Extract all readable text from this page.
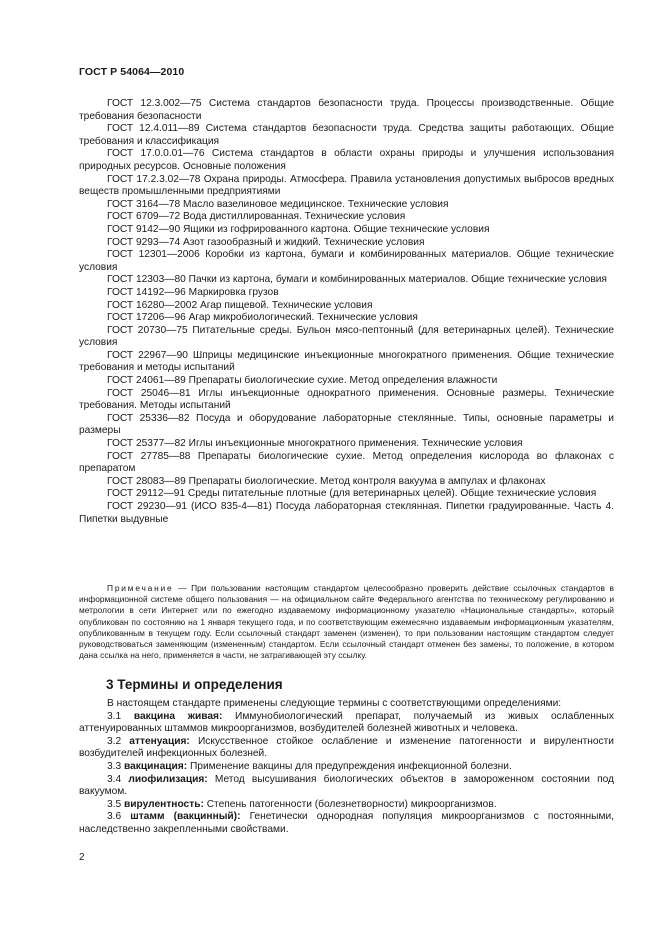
ГОСТ Р 54064—2010

ГОСТ 12.3.002—75 Система стандартов безопасности труда. Процессы производственные. Общие требования безопасности

ГОСТ 12.4.011—89 Система стандартов безопасности труда. Средства защиты работающих. Общие требования и классификация

ГОСТ 17.0.0.01—76 Система стандартов в области охраны природы и улучшения использования природных ресурсов. Основные положения

ГОСТ 17.2.3.02—78 Охрана природы. Атмосфера. Правила установления допустимых выбросов вредных веществ промышленными предприятиями

ГОСТ 3164—78 Масло вазелиновое медицинское. Технические условия

ГОСТ 6709—72 Вода дистиллированная. Технические условия

ГОСТ 9142—90 Ящики из гофрированного картона. Общие технические условия

ГОСТ 9293—74 Азот газообразный и жидкий. Технические условия

ГОСТ 12301—2006 Коробки из картона, бумаги и комбинированных материалов. Общие технические условия

ГОСТ 12303—80 Пачки из картона, бумаги и комбинированных материалов. Общие технические условия

ГОСТ 14192—96 Маркировка грузов

ГОСТ 16280—2002 Агар пищевой. Технические условия

ГОСТ 17206—96 Агар микробиологический. Технические условия

ГОСТ 20730—75 Питательные среды. Бульон мясо-пептонный (для ветеринарных целей). Технические условия

ГОСТ 22967—90 Шприцы медицинские инъекционные многократного применения. Общие технические требования и методы испытаний

ГОСТ 24061—89 Препараты биологические сухие. Метод определения влажности

ГОСТ 25046—81 Иглы инъекционные однократного применения. Основные размеры. Технические требования. Методы испытаний

ГОСТ 25336—82 Посуда и оборудование лабораторные стеклянные. Типы, основные параметры и размеры

ГОСТ 25377—82 Иглы инъекционные многократного применения. Технические условия

ГОСТ 27785—88 Препараты биологические сухие. Метод определения кислорода во флаконах с препаратом

ГОСТ 28083—89 Препараты биологические. Метод контроля вакуума в ампулах и флаконах

ГОСТ 29112—91 Среды питательные плотные (для ветеринарных целей). Общие технические условия

ГОСТ 29230—91 (ИСО 835-4—81) Посуда лабораторная стеклянная. Пипетки градуированные. Часть 4. Пипетки выдувные

Примечание — При пользовании настоящим стандартом целесообразно проверить действие ссылочных стандартов в информационной системе общего пользования — на официальном сайте Федерального агентства по техническому регулированию и метрологии в сети Интернет или по ежегодно издаваемому информационному указателю «Национальные стандарты», который опубликован по состоянию на 1 января текущего года, и по соответствующим ежемесячно издаваемым информационным указателям, опубликованным в текущем году. Если ссылочный стандарт заменен (изменен), то при пользовании настоящим стандартом следует руководствоваться заменяющим (измененным) стандартом. Если ссылочный стандарт отменен без замены, то положение, в котором дана ссылка на него, применяется в части, не затрагивающей эту ссылку.

3 Термины и определения

В настоящем стандарте применены следующие термины с соответствующими определениями:

3.1 вакцина живая: Иммунобиологический препарат, получаемый из живых ослабленных аттенуированных штаммов микроорганизмов, возбудителей болезней животных и человека.

3.2 аттенуация: Искусственное стойкое ослабление и изменение патогенности и вирулентности возбудителей инфекционных болезней.

3.3 вакцинация: Применение вакцины для предупреждения инфекционной болезни.

3.4 лиофилизация: Метод высушивания биологических объектов в замороженном состоянии под вакуумом.

3.5 вирулентность: Степень патогенности (болезнетворности) микроорганизмов.

3.6 штамм (вакцинный): Генетически однородная популяция микроорганизмов с постоянными, наследственно закрепленными свойствами.

2
